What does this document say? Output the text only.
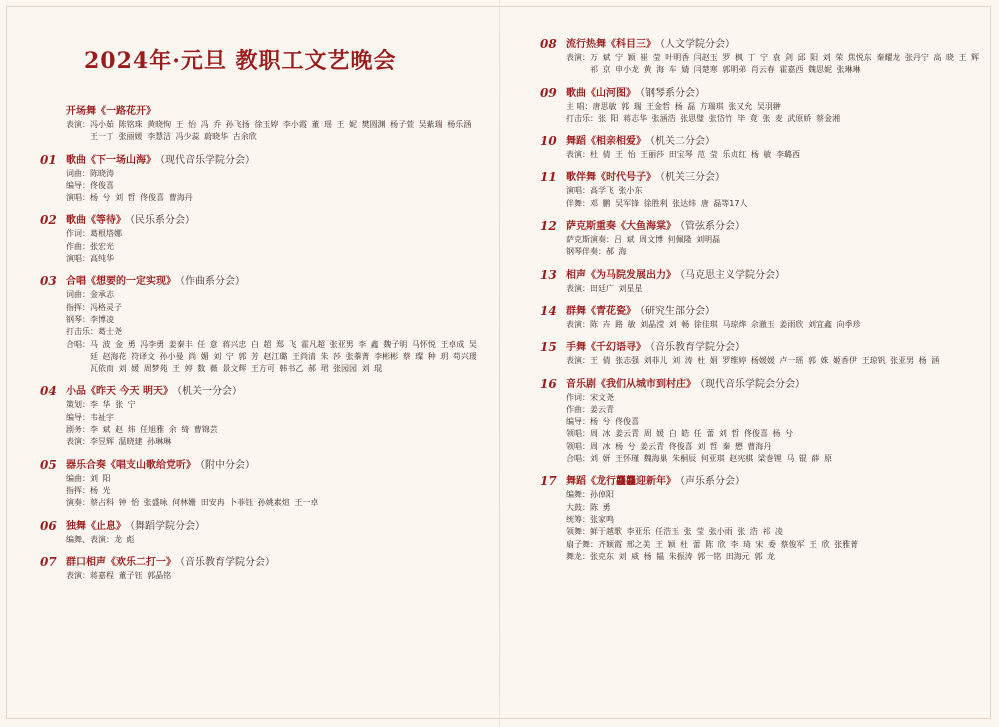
2024年·元旦 教职工文艺晚会
开场舞《一路花开》
表演： 冯小茹 陈铭珠 黄晓恂 王 怡 冯 乔 孙飞扬 徐玉婷 李小霞 董 瑶 王 妮 樊圆渊 杨子萱 吴紫瑞 杨乐涵 王一丁 张丽媛 李慧洁 冯少蕊 蔚晓华 古余欣
01 歌曲《下一场山海》 （现代音乐学院分会）
词曲： 陈晓涛
编导： 佟俊喜
演唱： 杨 兮 刘 哲 佟俊喜 曹海丹
02 歌曲《等待》 （民乐系分会）
作词： 葛根塔娜
作曲： 张宏光
演唱： 高纯华
03 合唱《想要的一定实现》 （作曲系分会）
词曲： 金承志
指挥： 冯格灵子
钢琴： 李博凌
打击乐： 葛士尧
合唱： 马 波 金 勇 冯李勇 姜秦丰 任 意 蒋兴忠 白 超 郑 飞 霍凡超 张亚男 李 鑫 魏子明 马怀悦 王卓成 吴 廷 赵海花 符译文 孙小曼 尚 媚 刘 宁 郭 芳 赵江璐 王尚清 朱 莎 张蓁菁 李彬彬 蔡 璨 种 玥 苟兴瑗 瓦依而 刘 媛 周梦苑 王 婷 数 薇 景文辉 王方可 韩书乙 郝 珺 张园园 刘 琨
04 小品《昨天 今天 明天》 （机关一分会）
策划： 李 华 张 宁
编导： 韦祉宇
剧务： 李 斌 赵 炜 任旭雅 余 绮 曹锦芸
表演： 李昱辉 温晓建 孙琳琳
05 器乐合奏《唱支山歌给党听》 （附中分会）
编曲： 刘 阳
指挥： 杨 光
演奏： 蔡占科 钟 怡 张盛咏 何林姗 田安冉 卜菲钰 孙姚素煊 王一卓
06 独舞《止息》 （舞蹈学院分会）
编舞、表演： 龙 彪
07 群口相声《欢乐二打一》 （音乐教育学院分会）
表演： 蒋嘉程 董子钰 郭晶铭
08 流行热舞《科目三》 （人文学院分会）
表演： 万 斌 宁 颖 崔 莹 叶明香 闫赵玉 罗 枫 丁 宁 袁 剑 邱 阳 刘 荣 焦悦东 秦耀龙 张丹宁 高 晓 王 辉 祁 京 申小龙 黄 海 车 婧 闫楚寒 郭明弟 肖云春 霍嘉西 魏思妮 张琳琳
09 歌曲《山河图》 （钢琴系分会）
主 唱： 唐思敏 郭 瑞 王金哲 杨 磊 方瑞琪 张又允 吴羽翀
打击乐： 张 阳 蒋志华 张涵浩 张思璧 张岱竹 毕 竟 张 麦 武原娇 蔡金湘
10 舞蹈《相亲相爱》 （机关二分会）
表演： 杜 倩 王 怡 王丽莎 田宝琴 范 莹 乐贞红 杨 敏 李璐西
11 歌伴舞《时代号子》 （机关三分会）
演唱： 高学飞 张小东
伴舞： 邓 鹏 吴军锋 徐胜利 张达炜 唐 磊等17人
12 萨克斯重奏《大鱼海棠》 （管弦系分会）
萨克斯演奏： 吕 斌 周文博 何佩隆 刘明磊
钢琴伴奏： 郝 海
13 相声《为马院发展出力》 （马克思主义学院分会）
表演： 田廷广 刘星星
14 群舞《青花瓷》 （研究生部分会）
表演： 陈 卉 路 敏 刘晶滢 刘 畅 徐佳琪 马琼烨 佘澈玉 姜雨欣 刘宜鑫 向季珍
15 手舞《千幻语寻》 （音乐教育学院分会）
表演： 王 倩 张志强 刘菲儿 刘 涛 杜 娟 罗维婷 杨媛媛 卢一瑶 郭 姝 姬香伊 王琼钒 张亚男 杨 涵
16 音乐剧《我们从城市到村庄》 （现代音乐学院会分会）
作词： 宋文尧
作曲： 姜云青
编导： 杨 兮 佟俊喜
领唱： 周 冰 姜云青 周 媛 白 皓 任 蕾 刘 哲 佟俊喜 杨 兮
领唱： 周 冰 杨 兮 姜云青 佟俊喜 刘 哲 秦 懋 曹海丹
合唱： 刘 妍 王怀瑾 魏海巢 朱桐辰 何亚琪 赵宪棋 梁巻锂 马 锟 薛 原
17 舞蹈《龙行龘龘迎新年》 （声乐系分会）
编舞： 孙倬阳
大鼓： 陈 勇
统筹： 张家鸣
领舞： 鲜于越歌 李亚乐 任浩玉 张 莹 张小雨 张 浩 祁 凌
扇子舞： 齐颖霞 邢之美 王 颖 杜 蕾 陈 欣 李 琦 宋 委 蔡俊军 王 欣 张雅菁
舞龙： 张克东 刘 威 杨 韫 朱振涛 郭一铭 田海元 郭 龙
